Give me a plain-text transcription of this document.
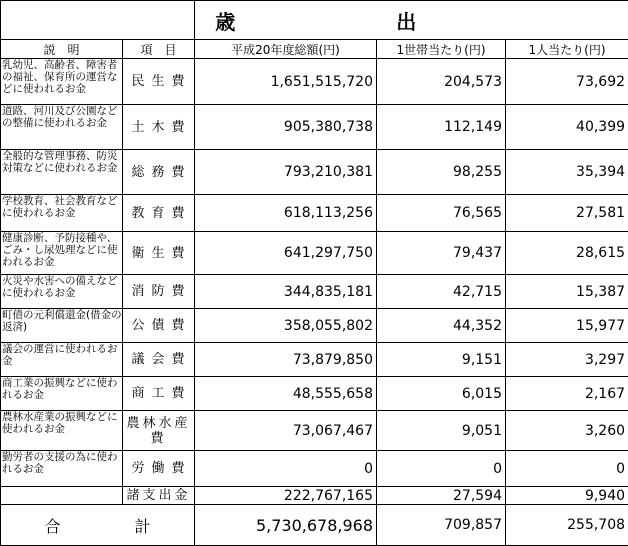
		歳 出		
説　明	項　目	平成20年度総額(円)	1世帯当たり(円)	1人当たり(円)
乳幼児、高齢者、障害者の福祉、保育所の運営などに使われるお金	民生費	1,651,515,720	204,573	73,692
道路、河川及び公園などの整備に使われるお金	土木費	905,380,738	112,149	40,399
全般的な管理事務、防災対策などに使われるお金	総務費	793,210,381	98,255	35,394
学校教育、社会教育などに使われるお金	教育費	618,113,256	76,565	27,581
健康診断、予防接種や、ごみ・し尿処理などに使われるお金	衛生費	641,297,750	79,437	28,615
火災や水害への備えなどに使われるお金	消防費	344,835,181	42,715	15,387
町債の元利償還金(借金の返済)	公債費	358,055,802	44,352	15,977
議会の運営に使われるお金	議会費	73,879,850	9,151	3,297
商工業の振興などに使われるお金	商工費	48,555,658	6,015	2,167
農林水産業の振興などに使われるお金	農林水産費	73,067,467	9,051	3,260
勤労者の支援の為に使われるお金	労働費	0	0	0
	諸支出金	222,767,165	27,594	9,940
合 計		5,730,678,968	709,857	255,708
